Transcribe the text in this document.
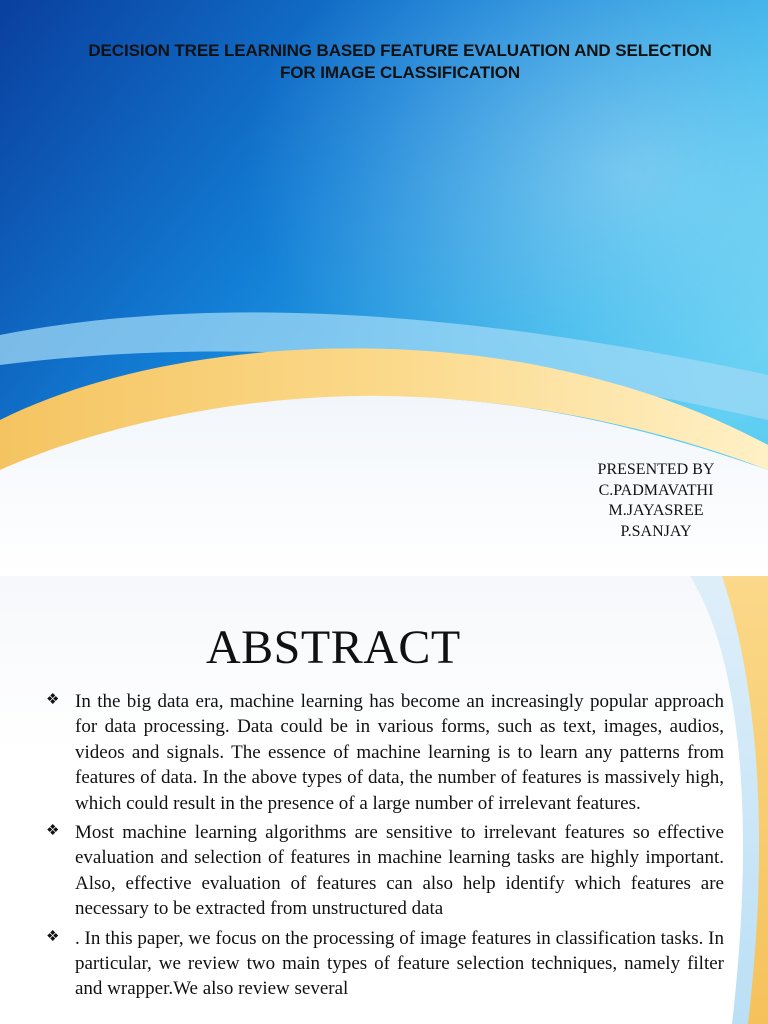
DECISION TREE LEARNING BASED FEATURE EVALUATION AND SELECTION
FOR IMAGE CLASSIFICATION
PRESENTED BY
C.PADMAVATHI
M.JAYASREE
P.SANJAY
ABSTRACT
❖ In the big data era, machine learning has become an increasingly popular approach for data processing. Data could be in various forms, such as text, images, audios, videos and signals. The essence of machine learning is to learn any patterns from features of data. In the above types of data, the number of features is massively high, which could result in the presence of a large number of irrelevant features.
❖ Most machine learning algorithms are sensitive to irrelevant features so effective evaluation and selection of features in machine learning tasks are highly important. Also, effective evaluation of features can also help identify which features are necessary to be extracted from unstructured data
❖ . In this paper, we focus on the processing of image features in classification tasks. In particular, we review two main types of feature selection techniques, namely filter and wrapper.We also review several
